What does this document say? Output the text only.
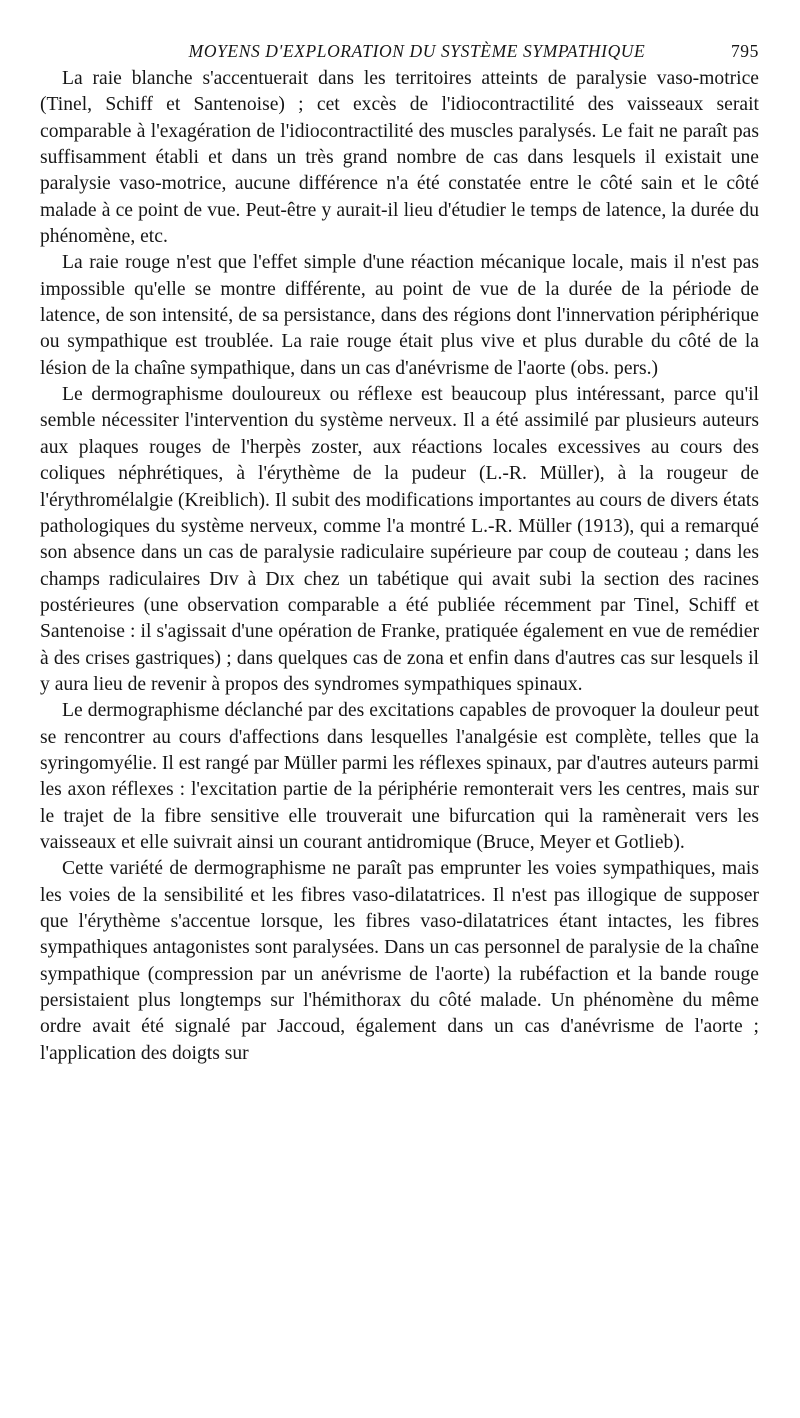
MOYENS D'EXPLORATION DU SYSTÈME SYMPATHIQUE	795

La raie blanche s'accentuerait dans les territoires atteints de paralysie vaso-motrice (Tinel, Schiff et Santenoise) ; cet excès de l'idiocontractilité des vaisseaux serait comparable à l'exagération de l'idiocontractilité des muscles paralysés. Le fait ne paraît pas suffisamment établi et dans un très grand nombre de cas dans lesquels il existait une paralysie vaso-motrice, aucune différence n'a été constatée entre le côté sain et le côté malade à ce point de vue. Peut-être y aurait-il lieu d'étudier le temps de latence, la durée du phénomène, etc.

La raie rouge n'est que l'effet simple d'une réaction mécanique locale, mais il n'est pas impossible qu'elle se montre différente, au point de vue de la durée de la période de latence, de son intensité, de sa persistance, dans des régions dont l'innervation périphérique ou sympathique est troublée. La raie rouge était plus vive et plus durable du côté de la lésion de la chaîne sympathique, dans un cas d'anévrisme de l'aorte (obs. pers.)

Le dermographisme douloureux ou réflexe est beaucoup plus intéressant, parce qu'il semble nécessiter l'intervention du système nerveux. Il a été assimilé par plusieurs auteurs aux plaques rouges de l'herpès zoster, aux réactions locales excessives au cours des coliques néphrétiques, à l'érythème de la pudeur (L.-R. Müller), à la rougeur de l'érythromélalgie (Kreiblich). Il subit des modifications importantes au cours de divers états pathologiques du système nerveux, comme l'a montré L.-R. Müller (1913), qui a remarqué son absence dans un cas de paralysie radiculaire supérieure par coup de couteau ; dans les champs radiculaires Dɪᴠ à Dɪx chez un tabétique qui avait subi la section des racines postérieures (une observation comparable a été publiée récemment par Tinel, Schiff et Santenoise : il s'agissait d'une opération de Franke, pratiquée également en vue de remédier à des crises gastriques) ; dans quelques cas de zona et enfin dans d'autres cas sur lesquels il y aura lieu de revenir à propos des syndromes sympathiques spinaux.

Le dermographisme déclanché par des excitations capables de provoquer la douleur peut se rencontrer au cours d'affections dans lesquelles l'analgésie est complète, telles que la syringomyélie. Il est rangé par Müller parmi les réflexes spinaux, par d'autres auteurs parmi les axon réflexes : l'excitation partie de la périphérie remonterait vers les centres, mais sur le trajet de la fibre sensitive elle trouverait une bifurcation qui la ramènerait vers les vaisseaux et elle suivrait ainsi un courant antidromique (Bruce, Meyer et Gotlieb).

Cette variété de dermographisme ne paraît pas emprunter les voies sympathiques, mais les voies de la sensibilité et les fibres vaso-dilatatrices. Il n'est pas illogique de supposer que l'érythème s'accentue lorsque, les fibres vaso-dilatatrices étant intactes, les fibres sympathiques antagonistes sont paralysées. Dans un cas personnel de paralysie de la chaîne sympathique (compression par un anévrisme de l'aorte) la rubéfaction et la bande rouge persistaient plus longtemps sur l'hémithorax du côté malade. Un phénomène du même ordre avait été signalé par Jaccoud, également dans un cas d'anévrisme de l'aorte ; l'application des doigts sur
